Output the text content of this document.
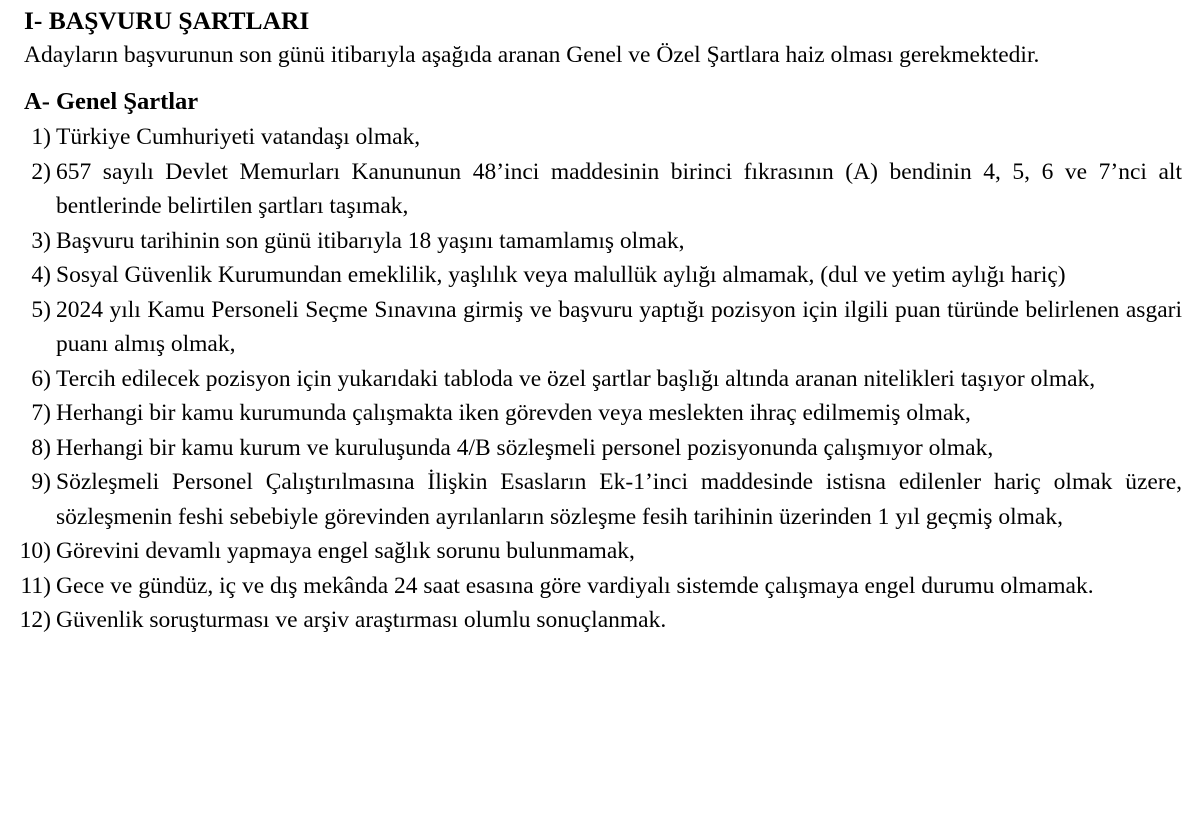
I- BAŞVURU ŞARTLARI
Adayların başvurunun son günü itibarıyla aşağıda aranan Genel ve Özel Şartlara haiz olması gerekmektedir.
A- Genel Şartlar
1) Türkiye Cumhuriyeti vatandaşı olmak,
2) 657 sayılı Devlet Memurları Kanununun 48’inci maddesinin birinci fıkrasının (A) bendinin 4, 5, 6 ve 7’nci alt bentlerinde belirtilen şartları taşımak,
3) Başvuru tarihinin son günü itibarıyla 18 yaşını tamamlamış olmak,
4) Sosyal Güvenlik Kurumundan emeklilik, yaşlılık veya malullük aylığı almamak, (dul ve yetim aylığı hariç)
5) 2024 yılı Kamu Personeli Seçme Sınavına girmiş ve başvuru yaptığı pozisyon için ilgili puan türünde belirlenen asgari puanı almış olmak,
6) Tercih edilecek pozisyon için yukarıdaki tabloda ve özel şartlar başlığı altında aranan nitelikleri taşıyor olmak,
7) Herhangi bir kamu kurumunda çalışmakta iken görevden veya meslekten ihraç edilmemiş olmak,
8) Herhangi bir kamu kurum ve kuruluşunda 4/B sözleşmeli personel pozisyonunda çalışmıyor olmak,
9) Sözleşmeli Personel Çalıştırılmasına İlişkin Esasların Ek-1’inci maddesinde istisna edilenler hariç olmak üzere, sözleşmenin feshi sebebiyle görevinden ayrılanların sözleşme fesih tarihinin üzerinden 1 yıl geçmiş olmak,
10) Görevini devamlı yapmaya engel sağlık sorunu bulunmamak,
11) Gece ve gündüz, iç ve dış mekânda 24 saat esasına göre vardiyalı sistemde çalışmaya engel durumu olmamak.
12) Güvenlik soruşturması ve arşiv araştırması olumlu sonuçlanmak.
